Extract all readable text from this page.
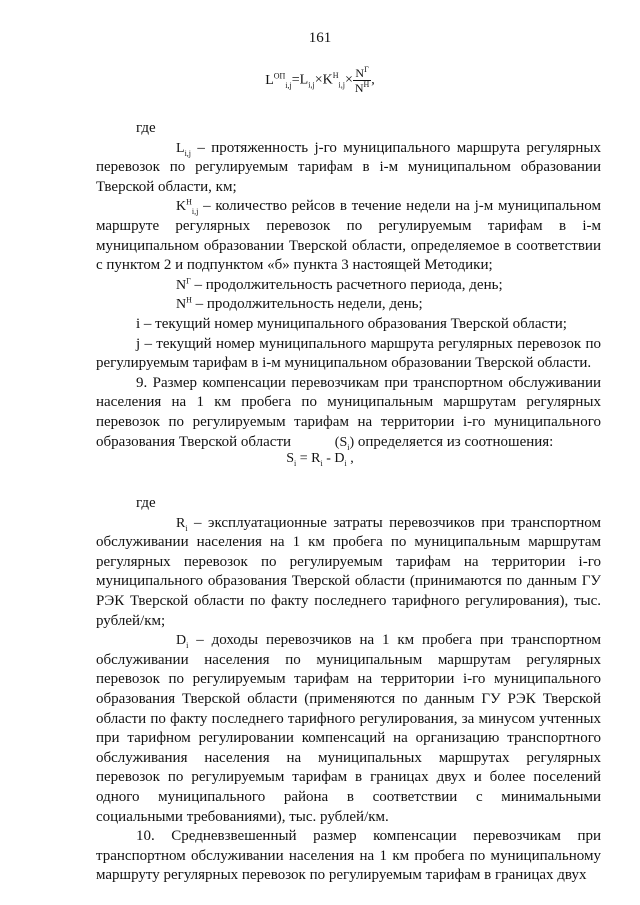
161
$L^{ОП}_{i,j}=L_{i,j}\times K^Н_{i,j}\times \frac{N^Г}{N^Н}$ ,
$S_i = R_i - D_i$ ,

где

$L_{i,j}$ – протяженность j-го муниципального маршрута регулярных перевозок по регулируемым тарифам в i-м муниципальном образовании Тверской области, км;

$K^Н_{i,j}$ – количество рейсов в течение недели на j-м муниципальном маршруте регулярных перевозок по регулируемым тарифам в i-м муниципальном образовании Тверской области, определяемое в соответствии с пунктом 2 и подпунктом «б» пункта 3 настоящей Методики;

$N^Г$ – продолжительность расчетного периода, день;

$N^Н$ – продолжительность недели, день;

i – текущий номер муниципального образования Тверской области;

j – текущий номер муниципального маршрута регулярных перевозок по регулируемым тарифам в i-м муниципальном образовании Тверской области.

9. Размер компенсации перевозчикам при транспортном обслуживании населения на 1 км пробега по муниципальным маршрутам регулярных перевозок по регулируемым тарифам на территории i-го муниципального образования Тверской области	$(S_i)$ определяется из соотношения:

где

$R_i$ – эксплуатационные затраты перевозчиков при транспортном обслуживании населения на 1 км пробега по муниципальным маршрутам регулярных перевозок по регулируемым тарифам на территории i-го муниципального образования Тверской области (принимаются по данным ГУ РЭК Тверской области по факту последнего тарифного регулирования), тыс. рублей/км;

$D_i$ – доходы перевозчиков на 1 км пробега при транспортном обслуживании населения по муниципальным маршрутам регулярных перевозок по регулируемым тарифам на территории i-го муниципального образования Тверской области (применяются по данным ГУ РЭК Тверской области по факту последнего тарифного регулирования, за минусом учтенных при тарифном регулировании компенсаций на организацию транспортного обслуживания населения на муниципальных маршрутах регулярных перевозок по регулируемым тарифам в границах двух и более поселений одного муниципального района в соответствии с минимальными социальными требованиями), тыс. рублей/км.

10. Средневзвешенный размер компенсации перевозчикам при транспортном обслуживании населения на 1 км пробега по муниципальному маршруту регулярных перевозок по регулируемым тарифам в границах двух
